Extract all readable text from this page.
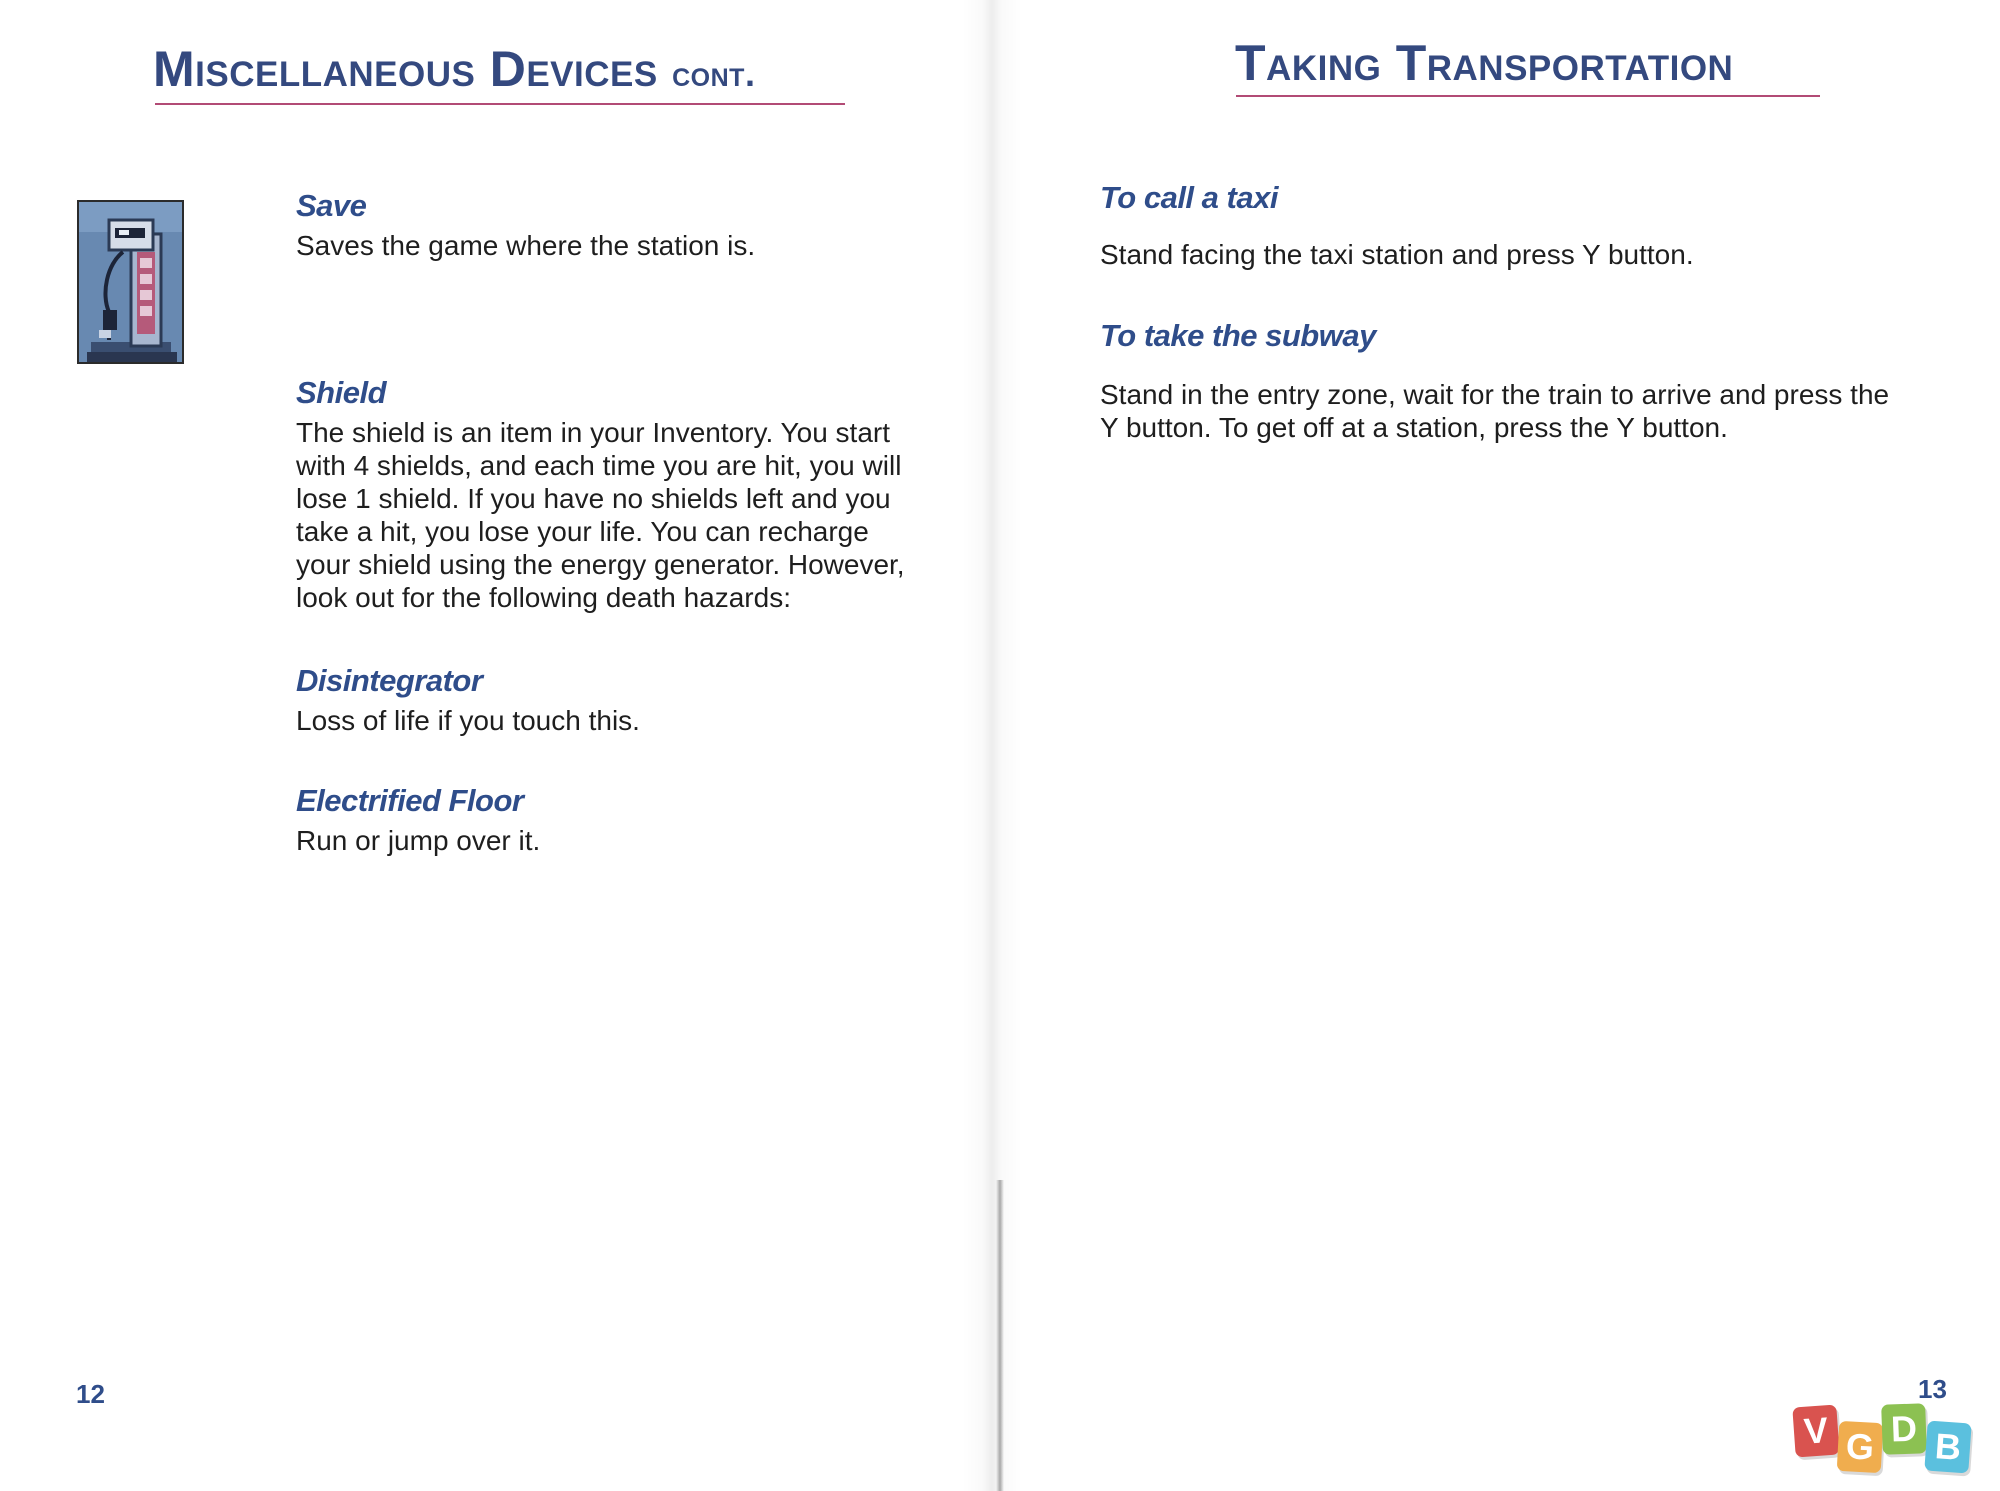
Miscellaneous Devices cont.
Save

Saves the game where the station is.

Shield

The shield is an item in your Inventory. You start
with 4 shields, and each time you are hit, you will
lose 1 shield. If you have no shields left and you
take a hit, you lose your life. You can recharge
your shield using the energy generator. However,
look out for the following death hazards:

Disintegrator

Loss of life if you touch this.

Electrified Floor

Run or jump over it.

12
Taking Transportation
To call a taxi

Stand facing the taxi station and press Y button.

To take the subway

Stand in the entry zone, wait for the train to arrive and press the
Y button. To get off at a station, press the Y button.

13
V G D B
